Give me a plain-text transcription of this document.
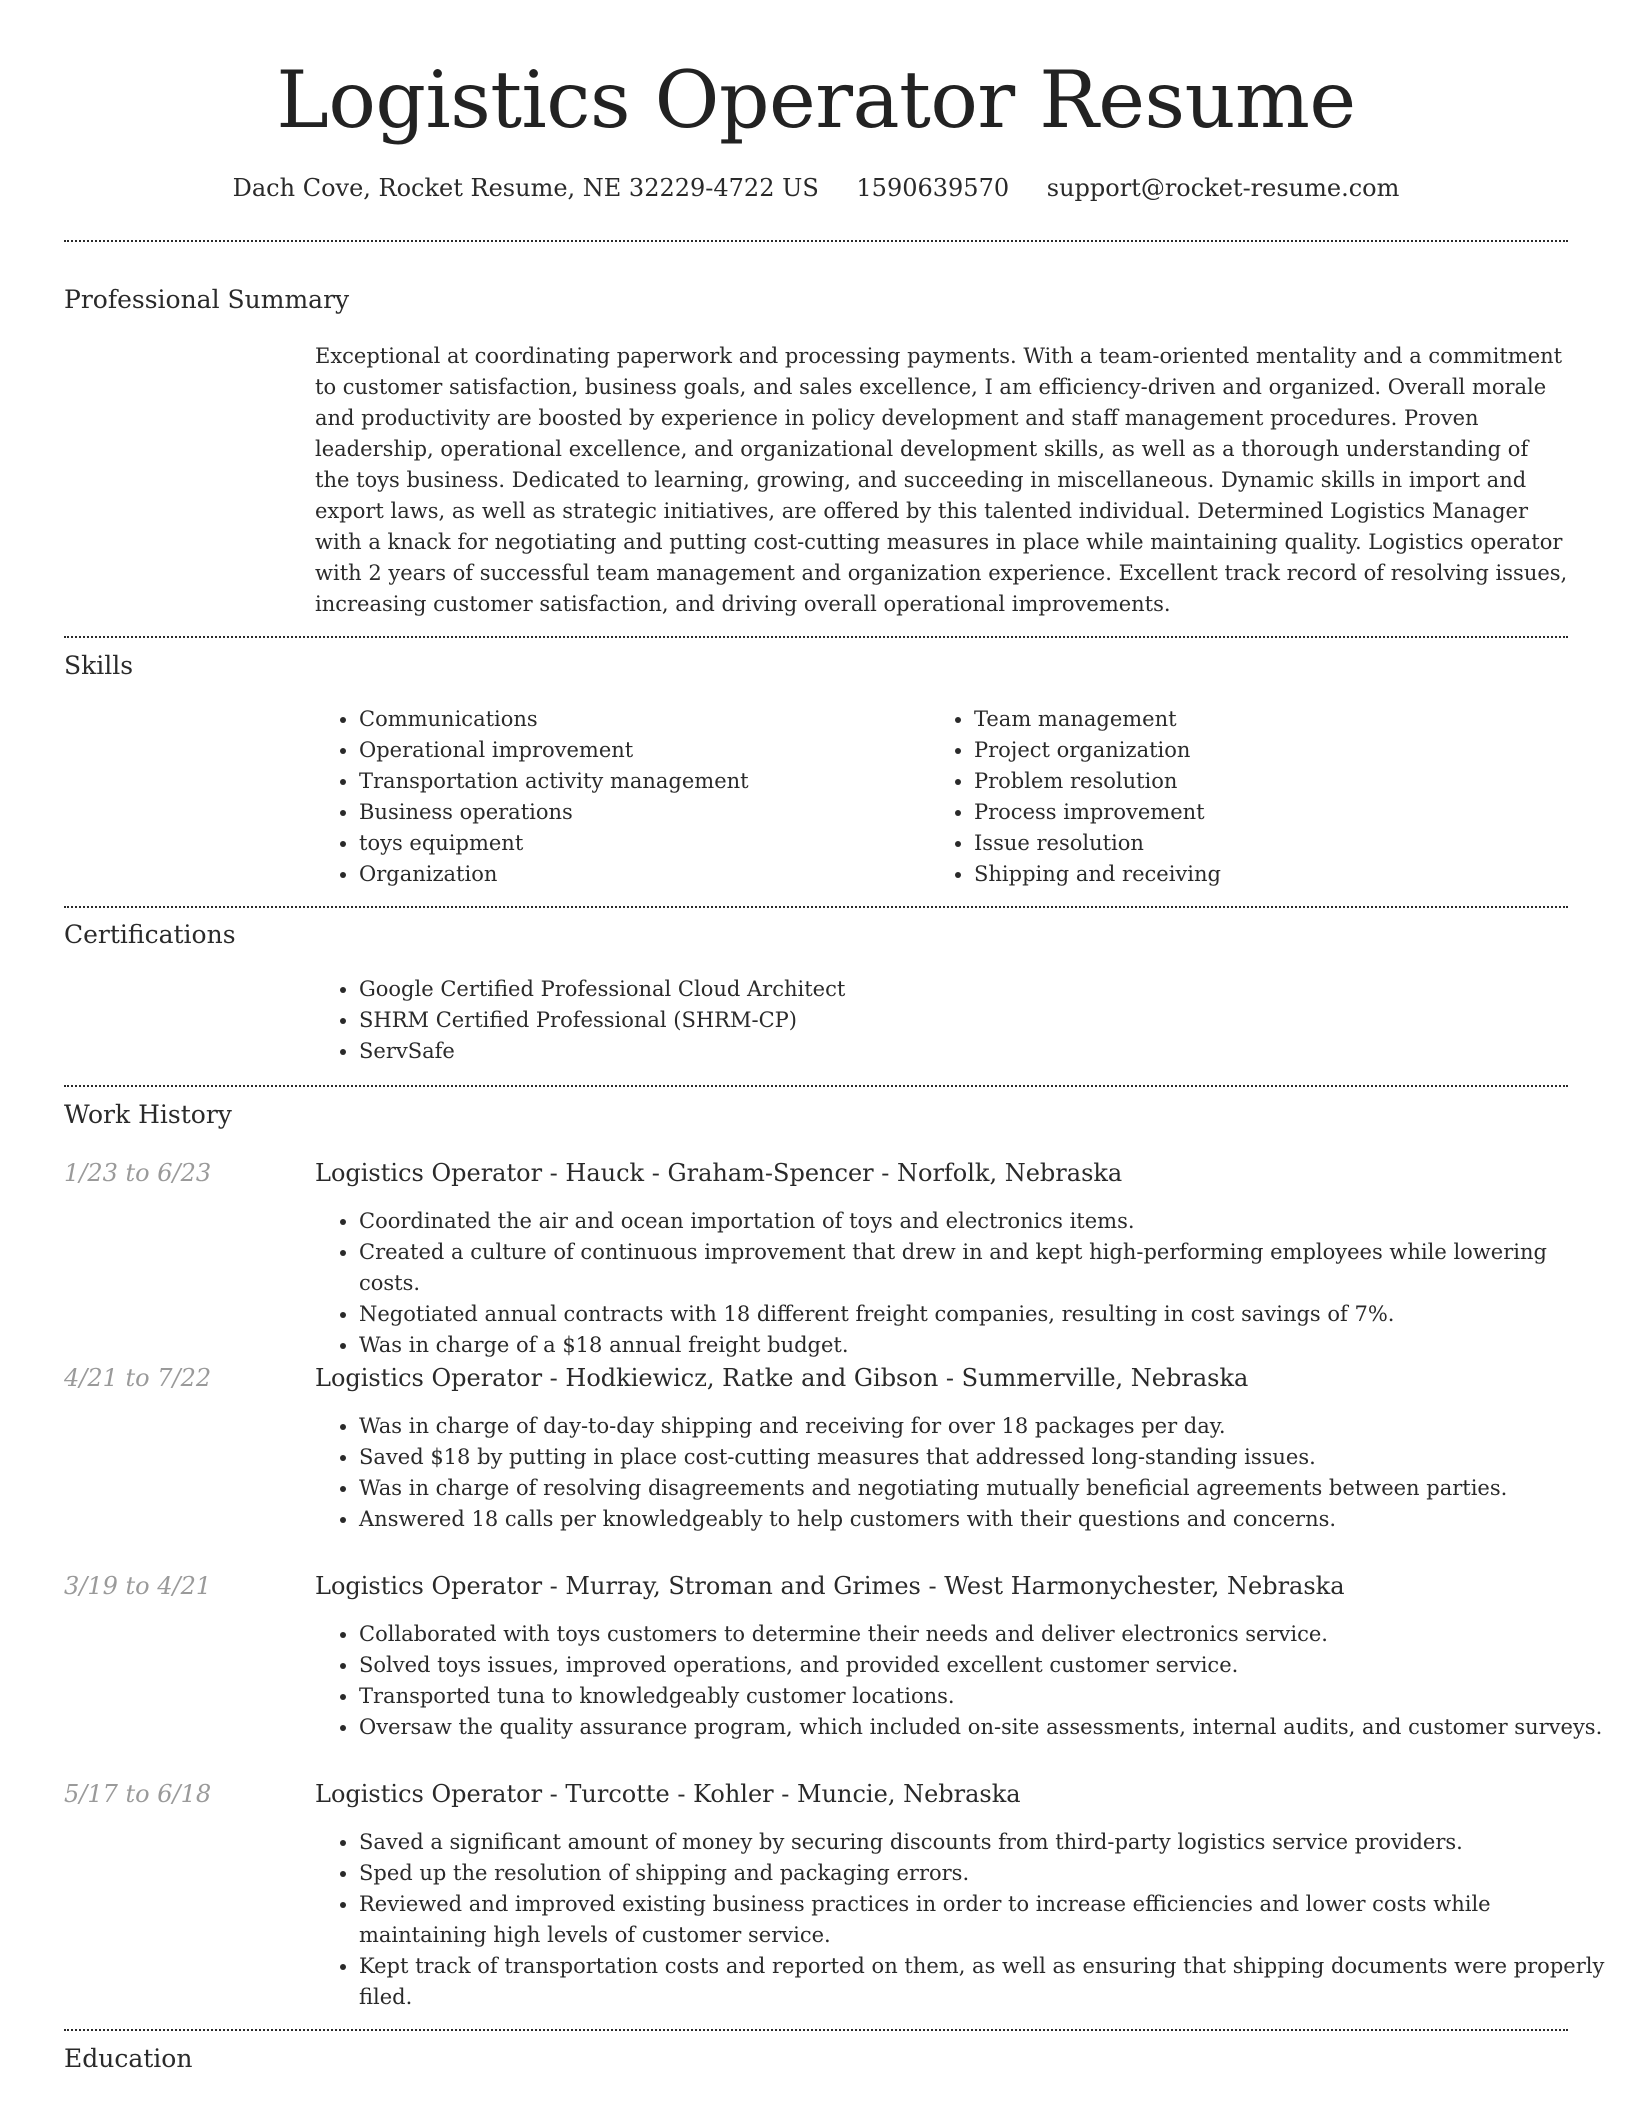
Logistics Operator Resume
Dach Cove, Rocket Resume, NE 32229-4722 US 1590639570 support@rocket-resume.com
Professional Summary
Exceptional at coordinating paperwork and processing payments. With a team-oriented mentality and a commitment to customer satisfaction, business goals, and sales excellence, I am efficiency-driven and organized. Overall morale and productivity are boosted by experience in policy development and staff management procedures. Proven leadership, operational excellence, and organizational development skills, as well as a thorough understanding of the toys business. Dedicated to learning, growing, and succeeding in miscellaneous. Dynamic skills in import and export laws, as well as strategic initiatives, are offered by this talented individual. Determined Logistics Manager with a knack for negotiating and putting cost-cutting measures in place while maintaining quality. Logistics operator with 2 years of successful team management and organization experience. Excellent track record of resolving issues, increasing customer satisfaction, and driving overall operational improvements.
Skills
• Communications
• Operational improvement
• Transportation activity management
• Business operations
• toys equipment
• Organization
• Team management
• Project organization
• Problem resolution
• Process improvement
• Issue resolution
• Shipping and receiving
Certifications
• Google Certified Professional Cloud Architect
• SHRM Certified Professional (SHRM-CP)
• ServSafe
Work History
1/23 to 6/23	Logistics Operator - Hauck - Graham-Spencer - Norfolk, Nebraska
• Coordinated the air and ocean importation of toys and electronics items.
• Created a culture of continuous improvement that drew in and kept high-performing employees while lowering costs.
• Negotiated annual contracts with 18 different freight companies, resulting in cost savings of 7%.
• Was in charge of a $18 annual freight budget.
4/21 to 7/22	Logistics Operator - Hodkiewicz, Ratke and Gibson - Summerville, Nebraska
• Was in charge of day-to-day shipping and receiving for over 18 packages per day.
• Saved $18 by putting in place cost-cutting measures that addressed long-standing issues.
• Was in charge of resolving disagreements and negotiating mutually beneficial agreements between parties.
• Answered 18 calls per knowledgeably to help customers with their questions and concerns.
3/19 to 4/21	Logistics Operator - Murray, Stroman and Grimes - West Harmonychester, Nebraska
• Collaborated with toys customers to determine their needs and deliver electronics service.
• Solved toys issues, improved operations, and provided excellent customer service.
• Transported tuna to knowledgeably customer locations.
• Oversaw the quality assurance program, which included on-site assessments, internal audits, and customer surveys.
5/17 to 6/18	Logistics Operator - Turcotte - Kohler - Muncie, Nebraska
• Saved a significant amount of money by securing discounts from third-party logistics service providers.
• Sped up the resolution of shipping and packaging errors.
• Reviewed and improved existing business practices in order to increase efficiencies and lower costs while maintaining high levels of customer service.
• Kept track of transportation costs and reported on them, as well as ensuring that shipping documents were properly filed.
Education
